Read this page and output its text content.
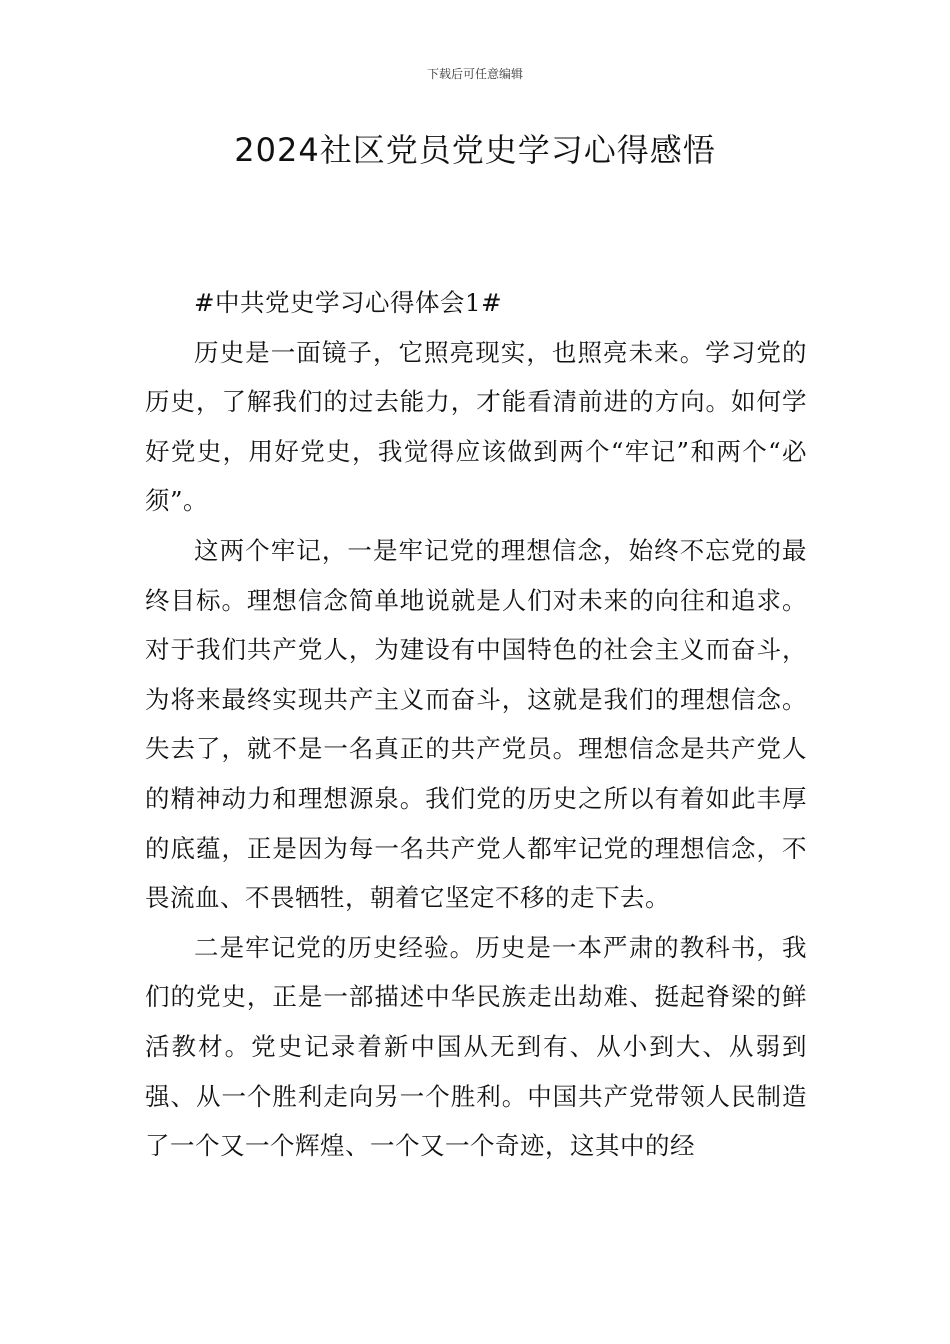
下载后可任意编辑
2024社区党员党史学习心得感悟

#中共党史学习心得体会1#

历史是一面镜子，它照亮现实，也照亮未来。学习党的历史，了解我们的过去能力，才能看清前进的方向。如何学好党史，用好党史，我觉得应该做到两个“牢记”和两个“必须”。

这两个牢记，一是牢记党的理想信念，始终不忘党的最终目标。理想信念简单地说就是人们对未来的向往和追求。对于我们共产党人，为建设有中国特色的社会主义而奋斗，为将来最终实现共产主义而奋斗，这就是我们的理想信念。失去了，就不是一名真正的共产党员。理想信念是共产党人的精神动力和理想源泉。我们党的历史之所以有着如此丰厚的底蕴，正是因为每一名共产党人都牢记党的理想信念，不畏流血、不畏牺牲，朝着它坚定不移的走下去。

二是牢记党的历史经验。历史是一本严肃的教科书，我们的党史，正是一部描述中华民族走出劫难、挺起脊梁的鲜活教材。党史记录着新中国从无到有、从小到大、从弱到强、从一个胜利走向另一个胜利。中国共产党带领人民制造了一个又一个辉煌、一个又一个奇迹，这其中的经
